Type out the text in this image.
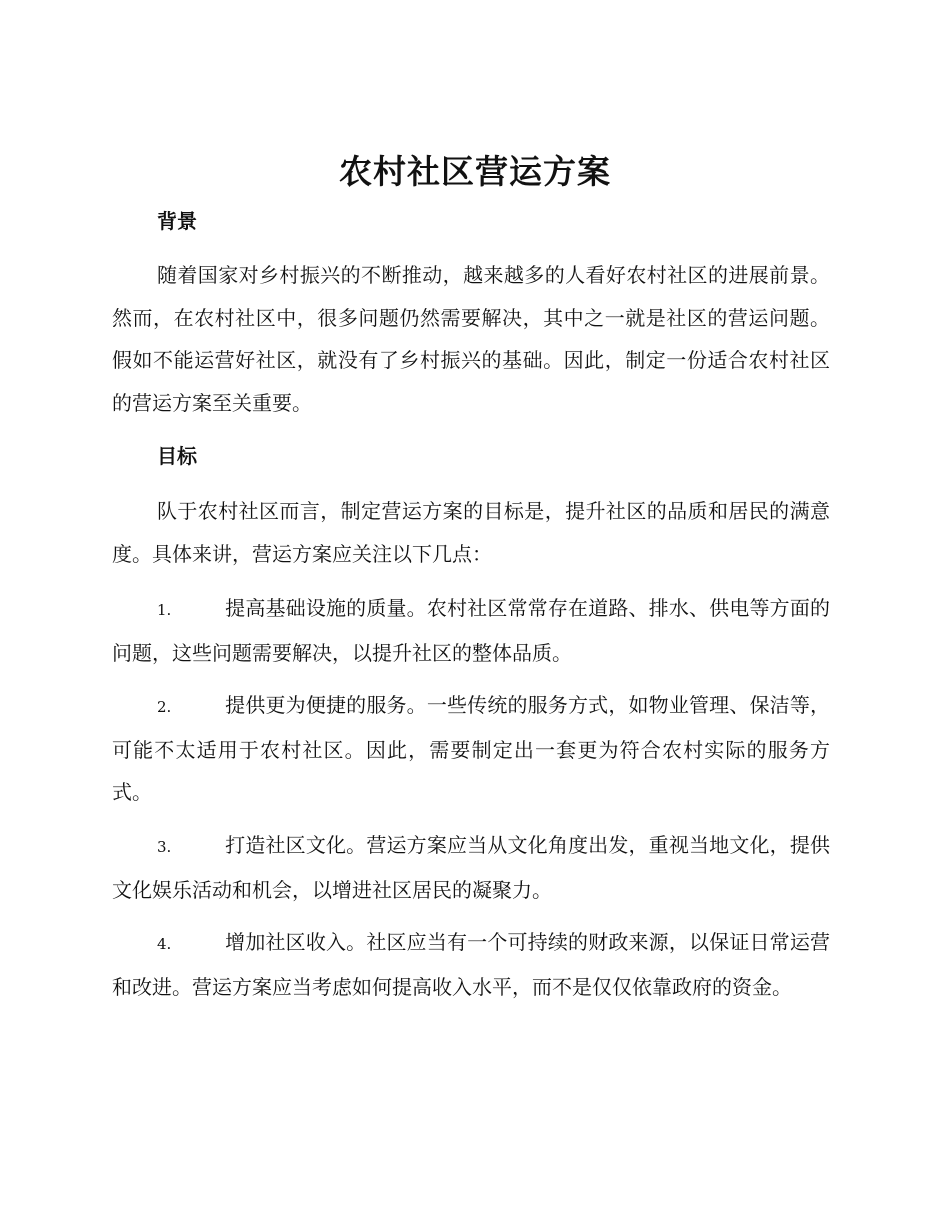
农村社区营运方案
背景

随着国家对乡村振兴的不断推动，越来越多的人看好农村社区的进展前景。然而，在农村社区中，很多问题仍然需要解决，其中之一就是社区的营运问题。假如不能运营好社区，就没有了乡村振兴的基础。因此，制定一份适合农村社区的营运方案至关重要。

目标

队于农村社区而言，制定营运方案的目标是，提升社区的品质和居民的满意度。具体来讲，营运方案应关注以下几点：

1.	提高基础设施的质量。农村社区常常存在道路、排水、供电等方面的问题，这些问题需要解决，以提升社区的整体品质。

2.	提供更为便捷的服务。一些传统的服务方式，如物业管理、保洁等，可能不太适用于农村社区。因此，需要制定出一套更为符合农村实际的服务方式。

3.	打造社区文化。营运方案应当从文化角度出发，重视当地文化，提供文化娱乐活动和机会，以增进社区居民的凝聚力。

4.	增加社区收入。社区应当有一个可持续的财政来源，以保证日常运营和改进。营运方案应当考虑如何提高收入水平，而不是仅仅依靠政府的资金。
